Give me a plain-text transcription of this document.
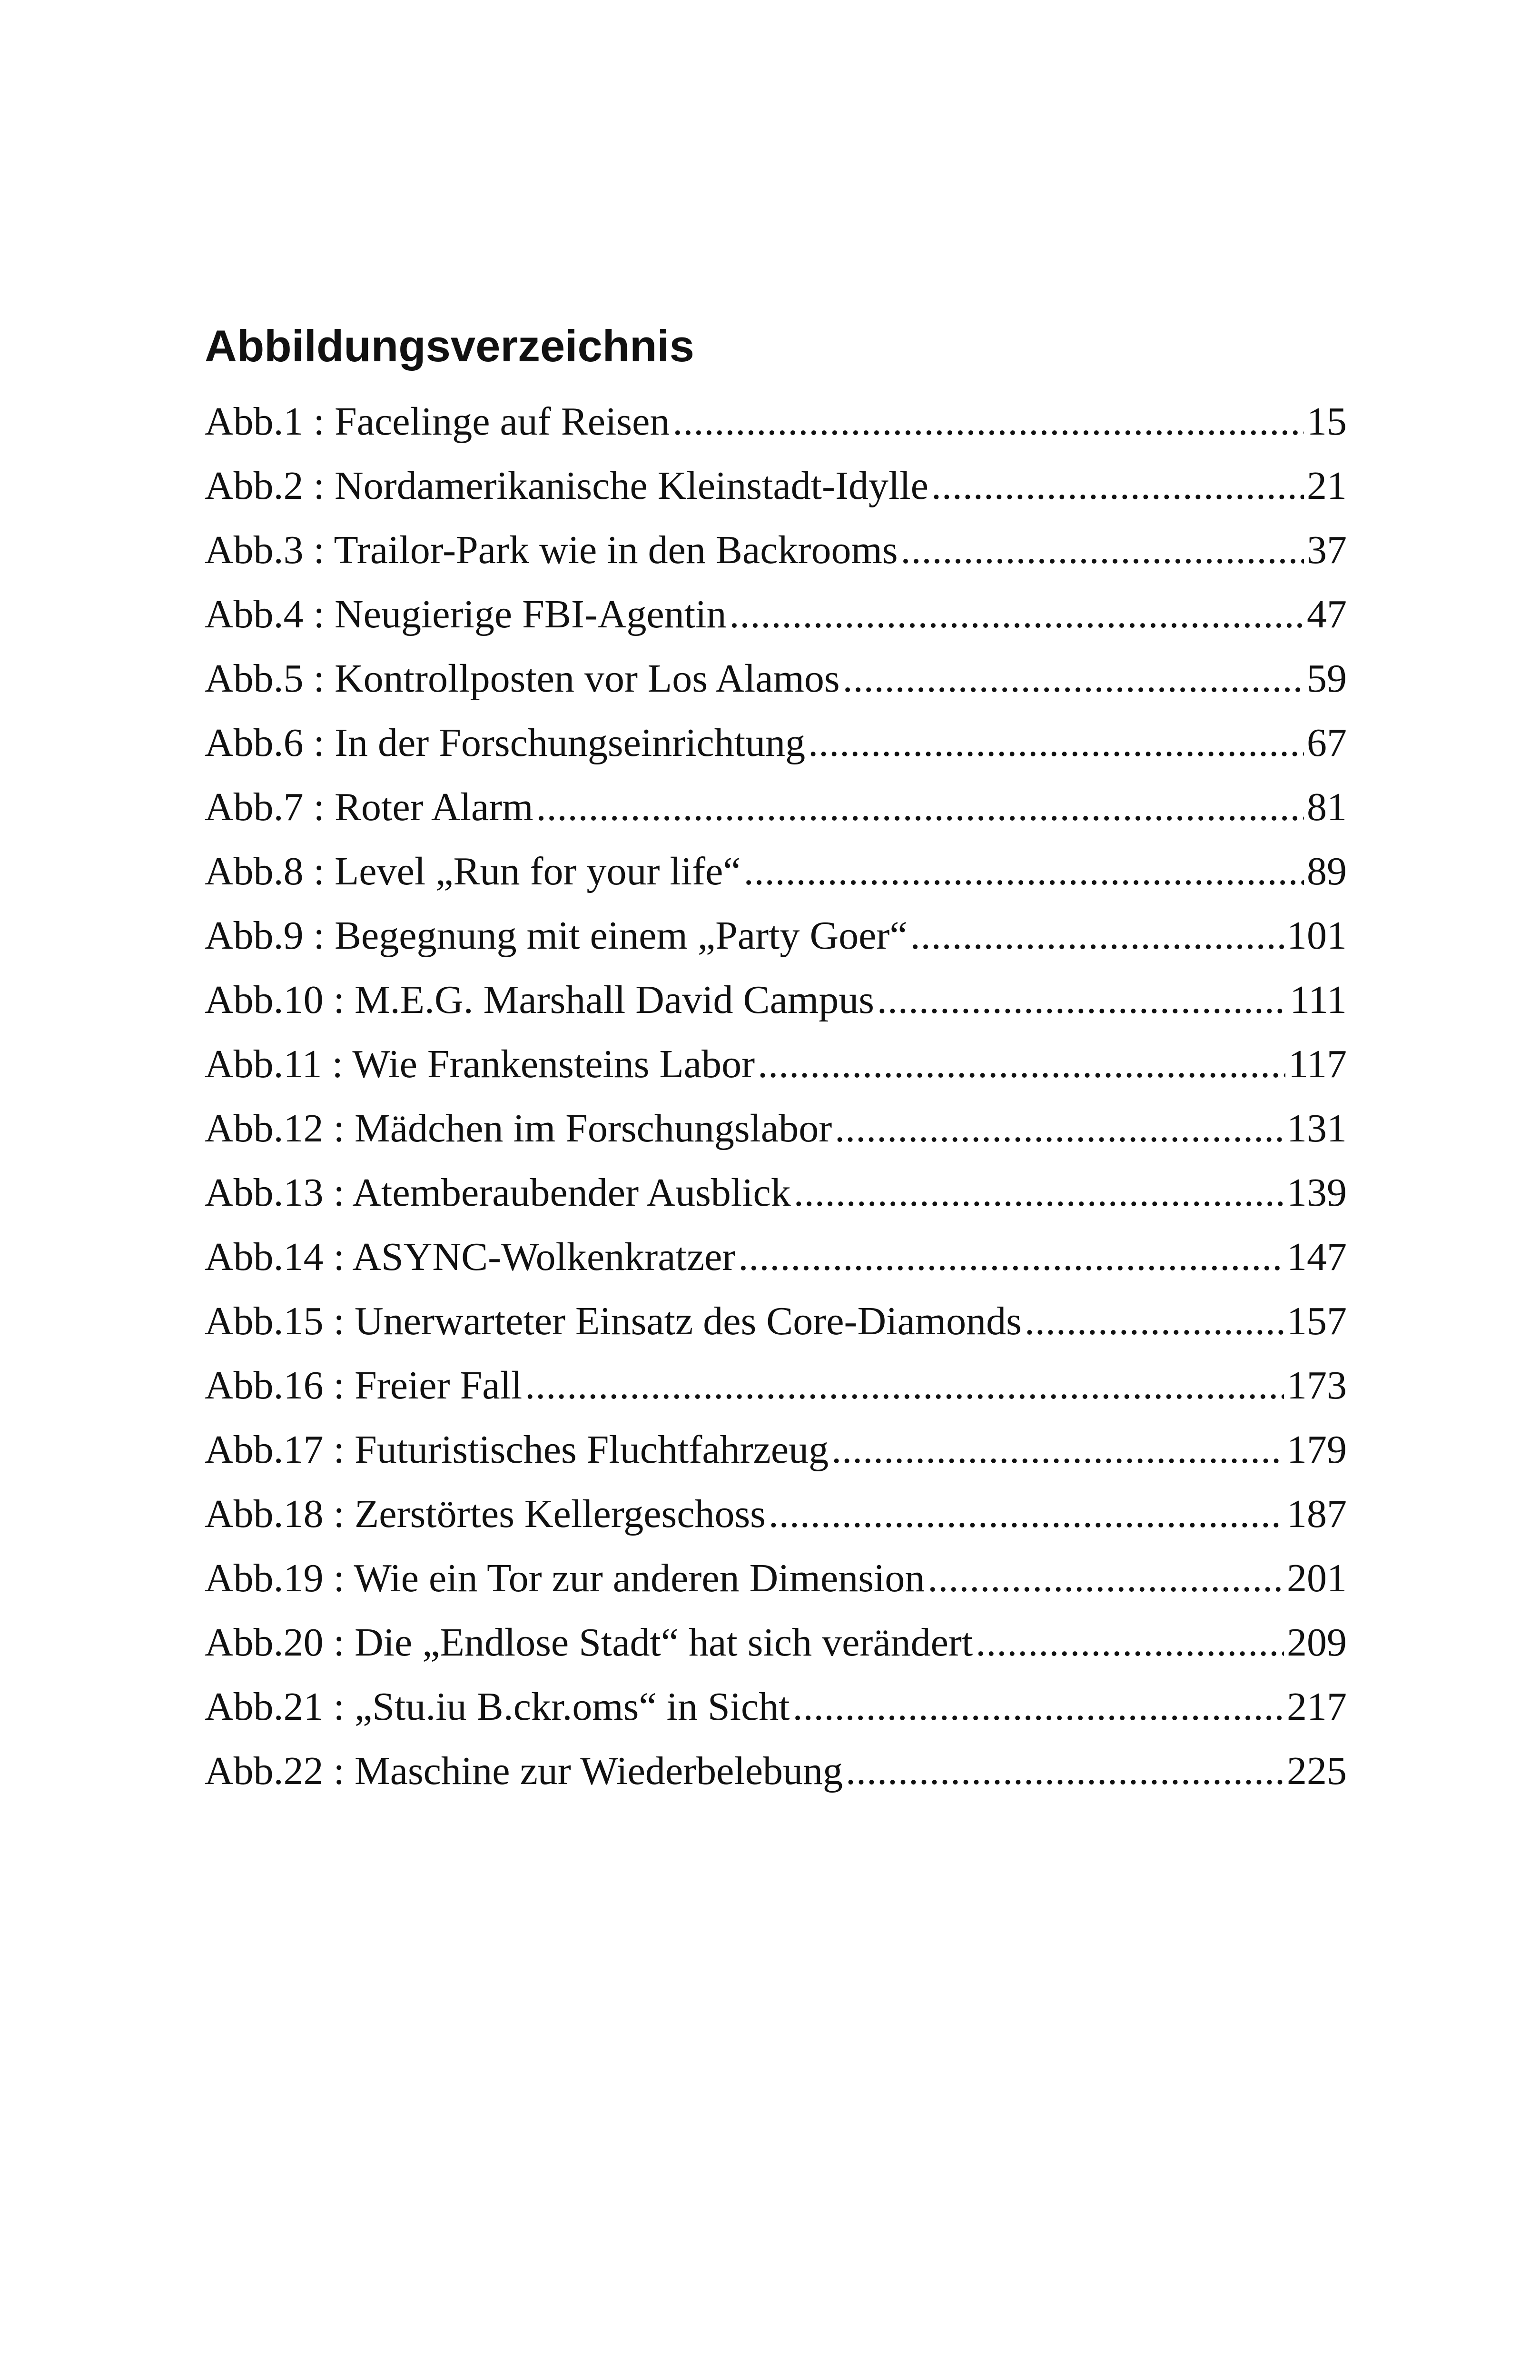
Abbildungsverzeichnis
Abb.1 : Facelinge auf Reisen .....	15
Abb.2 : Nordamerikanische Kleinstadt-Idylle .....	21
Abb.3 : Trailor-Park wie in den Backrooms .....	37
Abb.4 : Neugierige FBI-Agentin .....	47
Abb.5 : Kontrollposten vor Los Alamos .....	59
Abb.6 : In der Forschungseinrichtung .....	67
Abb.7 : Roter Alarm .....	81
Abb.8 : Level „Run for your life“ .....	89
Abb.9 : Begegnung mit einem „Party Goer“ .....	101
Abb.10 : M.E.G. Marshall David Campus .....	111
Abb.11 : Wie Frankensteins Labor .....	117
Abb.12 : Mädchen im Forschungslabor .....	131
Abb.13 : Atemberaubender Ausblick .....	139
Abb.14 : ASYNC-Wolkenkratzer .....	147
Abb.15 : Unerwarteter Einsatz des Core-Diamonds .....	157
Abb.16 : Freier Fall .....	173
Abb.17 : Futuristisches Fluchtfahrzeug .....	179
Abb.18 : Zerstörtes Kellergeschoss .....	187
Abb.19 : Wie ein Tor zur anderen Dimension .....	201
Abb.20 : Die „Endlose Stadt“ hat sich verändert .....	209
Abb.21 : „Stu.iu B.ckr.oms“ in Sicht .....	217
Abb.22 : Maschine zur Wiederbelebung .....	225
